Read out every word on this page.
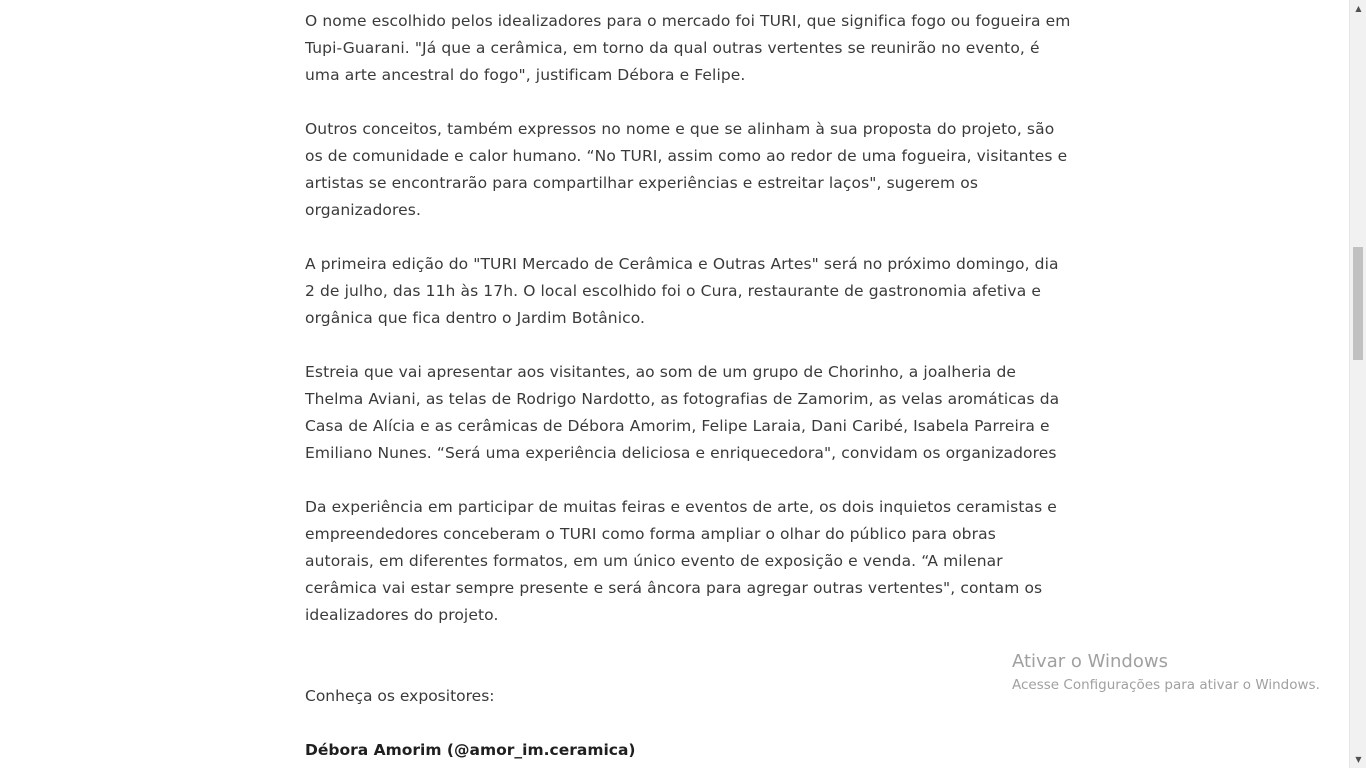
O nome escolhido pelos idealizadores para o mercado foi TURI, que significa fogo ou fogueira em
Tupi-Guarani. "Já que a cerâmica, em torno da qual outras vertentes se reunirão no evento, é
uma arte ancestral do fogo", justificam Débora e Felipe.

Outros conceitos, também expressos no nome e que se alinham à sua proposta do projeto, são
os de comunidade e calor humano. “No TURI, assim como ao redor de uma fogueira, visitantes e
artistas se encontrarão para compartilhar experiências e estreitar laços", sugerem os
organizadores.

A primeira edição do "TURI Mercado de Cerâmica e Outras Artes" será no próximo domingo, dia
2 de julho, das 11h às 17h. O local escolhido foi o Cura, restaurante de gastronomia afetiva e
orgânica que fica dentro o Jardim Botânico.

Estreia que vai apresentar aos visitantes, ao som de um grupo de Chorinho, a joalheria de
Thelma Aviani, as telas de Rodrigo Nardotto, as fotografias de Zamorim, as velas aromáticas da
Casa de Alícia e as cerâmicas de Débora Amorim, Felipe Laraia, Dani Caribé, Isabela Parreira e
Emiliano Nunes. “Será uma experiência deliciosa e enriquecedora", convidam os organizadores

Da experiência em participar de muitas feiras e eventos de arte, os dois inquietos ceramistas e
empreendedores conceberam o TURI como forma ampliar o olhar do público para obras
autorais, em diferentes formatos, em um único evento de exposição e venda. “A milenar
cerâmica vai estar sempre presente e será âncora para agregar outras vertentes", contam os
idealizadores do projeto.

Conheça os expositores:

Débora Amorim (@amor_im.ceramica)

Ativar o Windows
Acesse Configurações para ativar o Windows.
▲
▼
